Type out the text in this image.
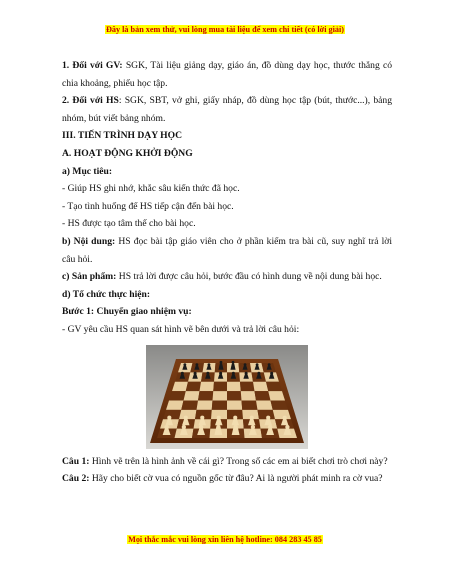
Đây là bản xem thử, vui lòng mua tài liệu để xem chi tiết (có lời giải)

1. Đối với GV: SGK, Tài liệu giảng dạy, giáo án, đồ dùng dạy học, thước thẳng có chia khoảng, phiếu học tập.

2. Đối với HS: SGK, SBT, vở ghi, giấy nháp, đồ dùng học tập (bút, thước...), bảng nhóm, bút viết bảng nhóm.

III. TIẾN TRÌNH DẠY HỌC

A. HOẠT ĐỘNG KHỞI ĐỘNG

a) Mục tiêu:

- Giúp HS ghi nhớ, khắc sâu kiến thức đã học.

- Tạo tình huống để HS tiếp cận đến bài học.

- HS được tạo tâm thế cho bài học.

b) Nội dung: HS đọc bài tập giáo viên cho ở phần kiểm tra bài cũ, suy nghĩ trả lời câu hỏi.

c) Sản phẩm: HS trả lời được câu hỏi, bước đầu có hình dung về nội dung bài học.

d) Tổ chức thực hiện:

Bước 1: Chuyển giao nhiệm vụ:

- GV yêu cầu HS quan sát hình vẽ bên dưới và trả lời câu hỏi:

Câu 1: Hình vẽ trên là hình ảnh về cái gì? Trong số các em ai biết chơi trò chơi này?

Câu 2: Hãy cho biết cờ vua có nguồn gốc từ đâu? Ai là người phát minh ra cờ vua?

Mọi thắc mắc vui lòng xin liên hệ hotline: 084 283 45 85
